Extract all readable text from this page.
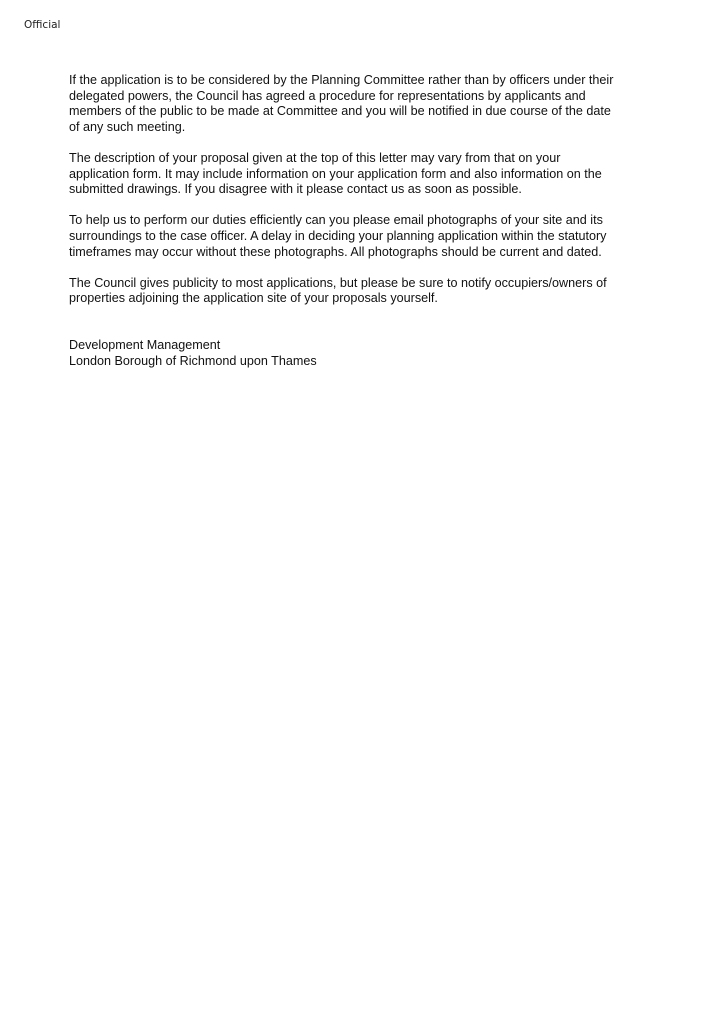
Official

If the application is to be considered by the Planning Committee rather than by officers under their
delegated powers, the Council has agreed a procedure for representations by applicants and
members of the public to be made at Committee and you will be notified in due course of the date
of any such meeting.

The description of your proposal given at the top of this letter may vary from that on your
application form. It may include information on your application form and also information on the
submitted drawings. If you disagree with it please contact us as soon as possible.

To help us to perform our duties efficiently can you please email photographs of your site and its
surroundings to the case officer. A delay in deciding your planning application within the statutory
timeframes may occur without these photographs. All photographs should be current and dated.

The Council gives publicity to most applications, but please be sure to notify occupiers/owners of
properties adjoining the application site of your proposals yourself.

Development Management
London Borough of Richmond upon Thames
